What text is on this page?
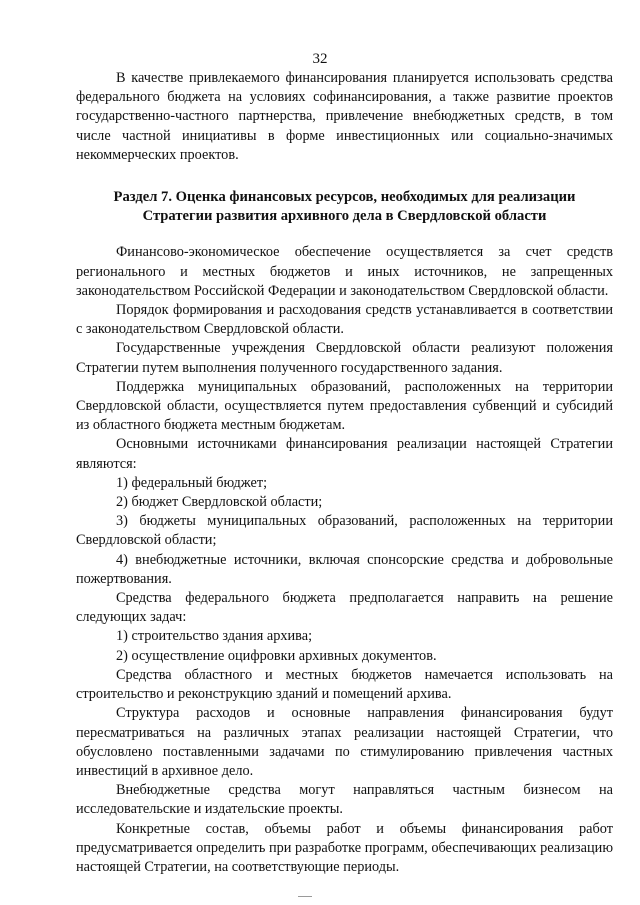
32

В качестве привлекаемого финансирования планируется использовать средства федерального бюджета на условиях софинансирования, а также развитие проектов государственно-частного партнерства, привлечение внебюджетных средств, в том числе частной инициативы в форме инвестиционных или социально-значимых некоммерческих проектов.

Раздел 7. Оценка финансовых ресурсов, необходимых для реализации
Стратегии развития архивного дела в Свердловской области

Финансово-экономическое обеспечение осуществляется за счет средств регионального и местных бюджетов и иных источников, не запрещенных законодательством Российской Федерации и законодательством Свердловской области.

Порядок формирования и расходования средств устанавливается в соответствии с законодательством Свердловской области.

Государственные учреждения Свердловской области реализуют положения Стратегии путем выполнения полученного государственного задания.

Поддержка муниципальных образований, расположенных на территории Свердловской области, осуществляется путем предоставления субвенций и субсидий из областного бюджета местным бюджетам.

Основными источниками финансирования реализации настоящей Стратегии являются:

1) федеральный бюджет;

2) бюджет Свердловской области;

3) бюджеты муниципальных образований, расположенных на территории Свердловской области;

4) внебюджетные источники, включая спонсорские средства и добровольные пожертвования.

Средства федерального бюджета предполагается направить на решение следующих задач:

1) строительство здания архива;

2) осуществление оцифровки архивных документов.

Средства областного и местных бюджетов намечается использовать на строительство и реконструкцию зданий и помещений архива.

Структура расходов и основные направления финансирования будут пересматриваться на различных этапах реализации настоящей Стратегии, что обусловлено поставленными задачами по стимулированию привлечения частных инвестиций в архивное дело.

Внебюджетные средства могут направляться частным бизнесом на исследовательские и издательские проекты.

Конкретные состав, объемы работ и объемы финансирования работ предусматривается определить при разработке программ, обеспечивающих реализацию настоящей Стратегии, на соответствующие периоды.
